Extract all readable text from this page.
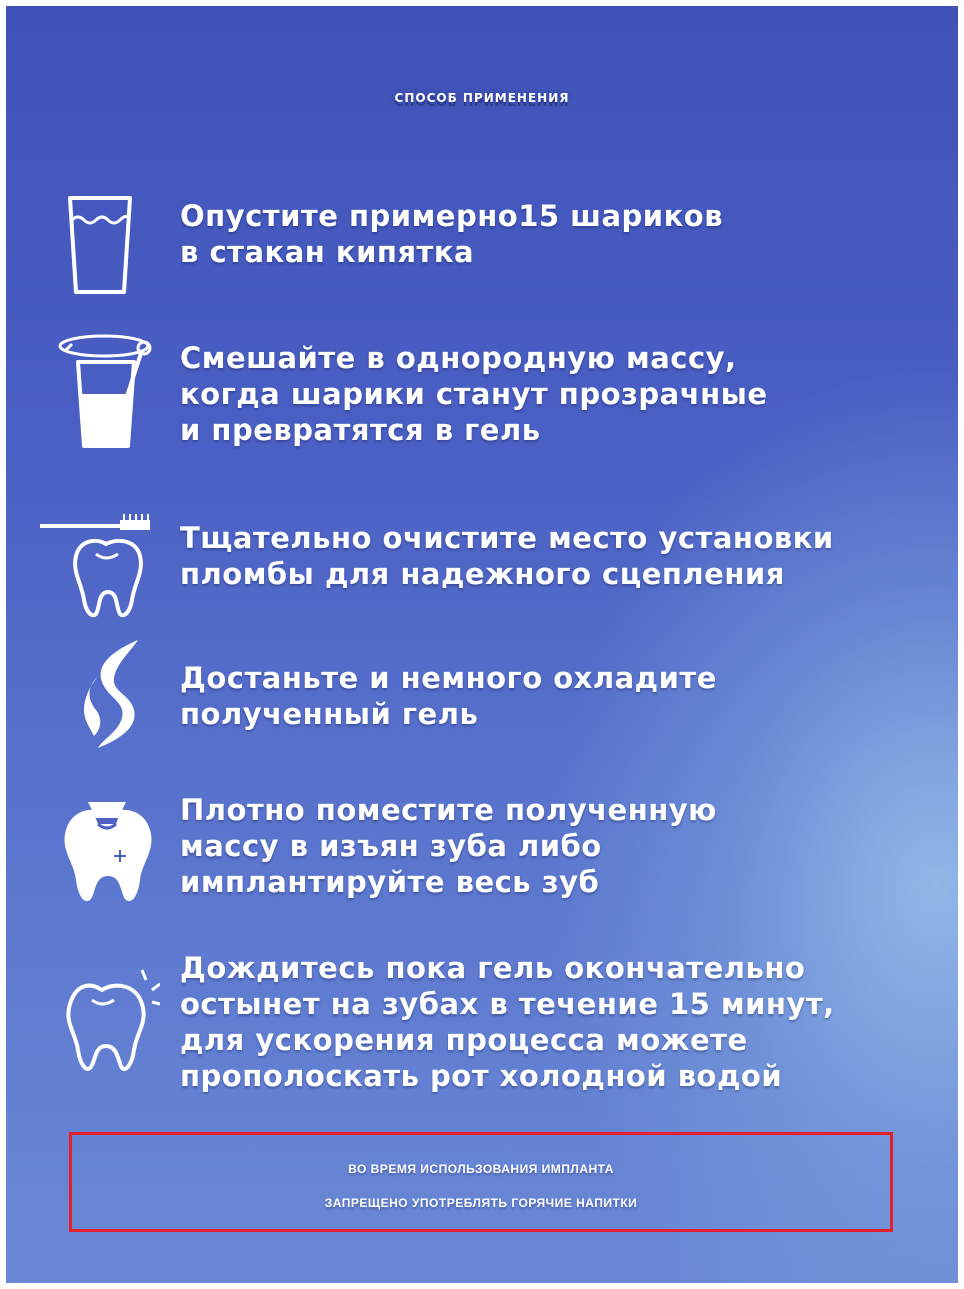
СПОСОБ ПРИМЕНЕНИЯ

Опустите примерно15 шариков
в стакан кипятка

Смешайте в однородную массу,
когда шарики станут прозрачные
и превратятся в гель

Тщательно очистите место установки
пломбы для надежного сцепления

Достаньте и немного охладите
полученный гель

Плотно поместите полученную
массу в изъян зуба либо
имплантируйте весь зуб

Дождитесь пока гель окончательно
остынет на зубах в течение 15 минут,
для ускорения процесса можете
прополоскать рот холодной водой

ВО ВРЕМЯ ИСПОЛЬЗОВАНИЯ ИМПЛАНТА
ЗАПРЕЩЕНО УПОТРЕБЛЯТЬ ГОРЯЧИЕ НАПИТКИ
